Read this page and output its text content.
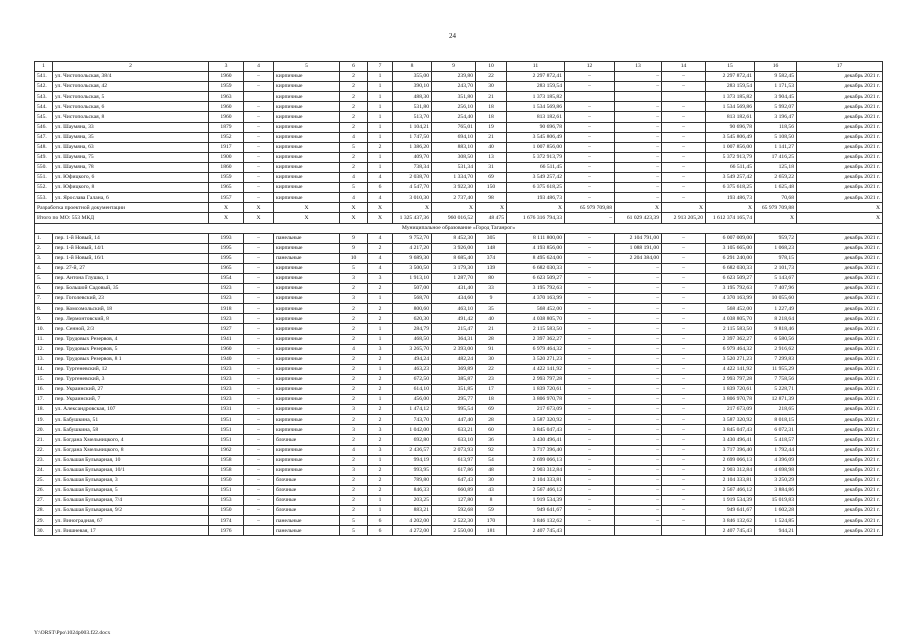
24
1	2	3	4	5	6	7	8	9	10	11	12	13	14	15	16	17	
541.	ул. Чистопольская, 38/4	1960	–	кирпичные	2	1	355,00	239,80	22	2 297 872,41	–	–	–	2 297 872,41	9 582,45	декабрь 2021 г.	
542.	ул. Чистопольская, 42	1959	–	кирпичные	2	1	390,10	243,70	30	283 159,54	–	–	–	283 159,54	1 171,53	декабрь 2021 г.	
543.	ул. Чистопольская, 5	1963		кирпичные	2	1	488,30	351,80	21	1 373 185,82				1 373 185,82	3 904,45	декабрь 2021 г.	
544.	ул. Чистопольская, 6	1960	–	кирпичные	2	1	531,80	256,10	18	1 534 569,86	–	–	–	1 534 569,86	5 992,07	декабрь 2021 г.	
545.	ул. Чистопольская, 8	1960	–	кирпичные	2	1	513,70	254,40	18	813 182,61	–	–	–	813 182,61	3 196,47	декабрь 2021 г.	
546.	ул. Шаумяна, 33	1879	–	кирпичные	2	1	1 104,21	765,01	19	90 696,78	–	–	–	90 696,78	118,56	декабрь 2021 г.	
547.	ул. Шаумяна, 35	1952	–	кирпичные	4	1	1 747,50	694,10	21	3 545 806,49	–	–	–	3 545 806,49	5 108,50	декабрь 2021 г.	
548.	ул. Шаумяна, 63	1917	–	кирпичные	5	2	1 386,20	883,10	40	1 007 856,00	–	–	–	1 007 856,00	1 141,27	декабрь 2021 г.	
549.	ул. Шаумяна, 75	1900	–	кирпичные	2	1	409,70	308,50	13	5 372 913,79	–	–	–	5 372 913,79	17 416,25	декабрь 2021 г.	
550.	ул. Шаумяна, 78	1860	–	кирпичные	2	1	738,34	531,34	31	66 511,45	–	–	–	66 511,45	125,18	декабрь 2021 г.	
551.	ул. Юфицкого, 6	1959	–	кирпичные	4	4	2 038,70	1 334,70	69	3 549 257,42	–	–	–	3 549 257,42	2 659,22	декабрь 2021 г.	
552.	ул. Юфицкого, 8	1965	–	кирпичные	5	6	4 547,70	3 922,30	150	6 375 618,25	–	–	–	6 375 618,25	1 625,48	декабрь 2021 г.	
553.	ул. Ярослава Галана, 6	1957	–	кирпичные	4	4	3 010,30	2 737,40	98	193 486,73	–	–	–	193 486,73	70,68	декабрь 2021 г.	
Разработка проектной документации		X	X	X	X	X	X	X	X	X	65 979 709,88	X	X	X	65 979 709,88	X	
Итого по МО: 553 МКД		X	X	X	X	X	1 325 437,36	960 016,52	48 475	1 676 316 794,33	–	61 029 423,39	2 913 205,20	1 612 374 165,74	X	X	
Муниципальное образование «Город Таганрог»																	
1.	пер. 1-й Новый, 14	1993	–	панельные	9	4	9 752,70	8 452,30	305	8 111 800,00	–	2 104 791,00	–	6 007 009,00	959,72	декабрь 2021 г.	
2.	пер. 1-й Новый, 14/1	1995	–	кирпичные	9	2	4 217,20	3 926,00	148	4 193 856,00	–	1 088 191,00	–	3 105 665,00	1 068,23	декабрь 2021 г.	
3.	пер. 1-й Новый, 16/1	1995	–	панельные	10	4	9 689,30	8 685,40	374	8 495 624,00	–	2 204 384,00	–	6 291 240,00	978,15	декабрь 2021 г.	
4.	пер. 27-й, 27	1965	–	кирпичные	5	4	3 500,50	3 179,30	139	6 682 030,33	–	–	–	6 682 030,33	2 101,73	декабрь 2021 г.	
5.	пер. Антона Глушко, 1	1954	–	кирпичные	3	3	1 913,10	1 287,70	80	6 623 509,27	–	–	–	6 623 509,27	5 143,67	декабрь 2021 г.	
6.	пер. Большой Садовый, 35	1923	–	кирпичные	2	2	507,00	431,40	33	3 195 792,63	–	–	–	3 195 792,63	7 407,96	декабрь 2021 г.	
7.	пер. Гоголевский, 23	1923	–	кирпичные	3	1	568,70	434,60	9	4 370 163,99	–	–	–	4 370 163,99	10 055,60	декабрь 2021 г.	
8.	пер. Комсомольский, 18	1918	–	кирпичные	2	2	800,60	463,10	35	568 452,00	–	–	–	568 452,00	1 227,49	декабрь 2021 г.	
9.	пер. Лермонтовский, 8	1923	–	кирпичные	2	2	620,30	491,42	40	4 038 805,70	–	–	–	4 038 805,70	8 218,64	декабрь 2021 г.	
10.	пер. Сенной, 2/3	1927	–	кирпичные	2	1	284,79	215,47	21	2 115 583,50	–	–	–	2 115 583,50	9 818,46	декабрь 2021 г.	
11.	пер. Трудовых Резервов, 4	1941	–	кирпичные	2	1	468,50	364,31	28	2 397 362,27	–	–	–	2 397 362,27	6 580,56	декабрь 2021 г.	
12.	пер. Трудовых Резервов, 5	1960	–	кирпичные	4	3	3 265,70	2 393,00	91	6 979 464,32	–	–	–	6 979 464,32	2 916,62	декабрь 2021 г.	
13.	пер. Трудовых Резервов, 8 1	1940	–	кирпичные	2	2	494,24	482,24	30	3 520 271,23	–	–	–	3 520 271,23	7 299,83	декабрь 2021 г.	
14.	пер. Тургеневский, 12	1923	–	кирпичные	2	1	463,23	369,89	22	4 422 141,92	–	–	–	4 422 141,92	11 955,29	декабрь 2021 г.	
15.	пер. Тургеневский, 3	1923	–	кирпичные	2	2	672,50	385,87	23	2 993 797,28	–	–	–	2 993 797,28	7 758,56	декабрь 2021 г.	
16.	пер. Украинский, 27	1923	–	кирпичные	2	2	614,10	351,85	17	1 839 720,61	–	–	–	1 839 720,61	5 228,71	декабрь 2021 г.	
17.	пер. Украинский, 7	1923	–	кирпичные	2	1	456,00	295,77	18	3 806 970,78	–	–	–	3 806 970,78	12 871,39	декабрь 2021 г.	
18.	ул. Александровская, 107	1931	–	кирпичные	3	2	1 474,12	995,54	69	217 673,09	–	–	–	217 673,09	218,65	декабрь 2021 г.	
19.	ул. Бабушкина, 51	1951	–	кирпичные	2	2	743,70	447,40	28	3 587 320,92	–	–	–	3 587 320,92	8 018,15	декабрь 2021 г.	
20.	ул. Бабушкина, 58	1951	–	кирпичные	3	3	1 042,00	633,21	60	3 845 047,43	–	–	–	3 845 047,43	6 072,31	декабрь 2021 г.	
21.	ул. Богдана Хмельницкого, 4	1951	–	блочные	2	2	692,80	633,10	36	3 430 496,41	–	–	–	3 430 496,41	5 418,57	декабрь 2021 г.	
22.	ул. Богдана Хмельницкого, 8	1962	–	кирпичные	4	3	2 436,57	2 073,93	92	3 717 396,40	–	–	–	3 717 396,40	1 792,44	декабрь 2021 г.	
23.	ул. Большая Бульварная, 10	1958	–	кирпичные	2	1	994,19	613,97	54	2 699 066,13	–	–	–	2 699 066,13	4 396,09	декабрь 2021 г.	
24.	ул. Большая Бульварная, 10/1	1958	–	кирпичные	3	2	993,95	617,86	48	2 903 312,84	–	–	–	2 903 312,84	4 698,98	декабрь 2021 г.	
25.	ул. Большая Бульварная, 3	1950	–	блочные	2	2	789,80	647,43	30	2 104 333,81	–	–	–	2 104 333,81	3 250,29	декабрь 2021 г.	
26.	ул. Большая Бульварная, 5	1951	–	блочные	2	2	846,33	660,89	43	2 567 466,12	–	–	–	2 567 466,12	3 884,86	декабрь 2021 г.	
27.	ул. Большая Бульварная, 7/4	1953	–	блочные	2	1	203,25	127,80	8	1 919 534,39	–	–	–	1 919 534,39	15 019,83	декабрь 2021 г.	
28.	ул. Большая Бульварная, 9/2	1950	–	блочные	2	1	883,21	592,68	59	949 641,67	–	–	–	949 641,67	1 602,28	декабрь 2021 г.	
29.	ул. Виноградная, 67	1974	–	панельные	5	6	4 202,00	2 522,30	170	3 846 132,62	–	–	–	3 846 132,62	1 524,85	декабрь 2021 г.	
30.	ул. Вишневая, 17	1976		панельные	5	6	4 272,00	2 550,00	181	2 407 745,43				2 407 745,43	944,21	декабрь 2021 г.	
Y:\ORST\Ppo\1024p003.f22.docx
